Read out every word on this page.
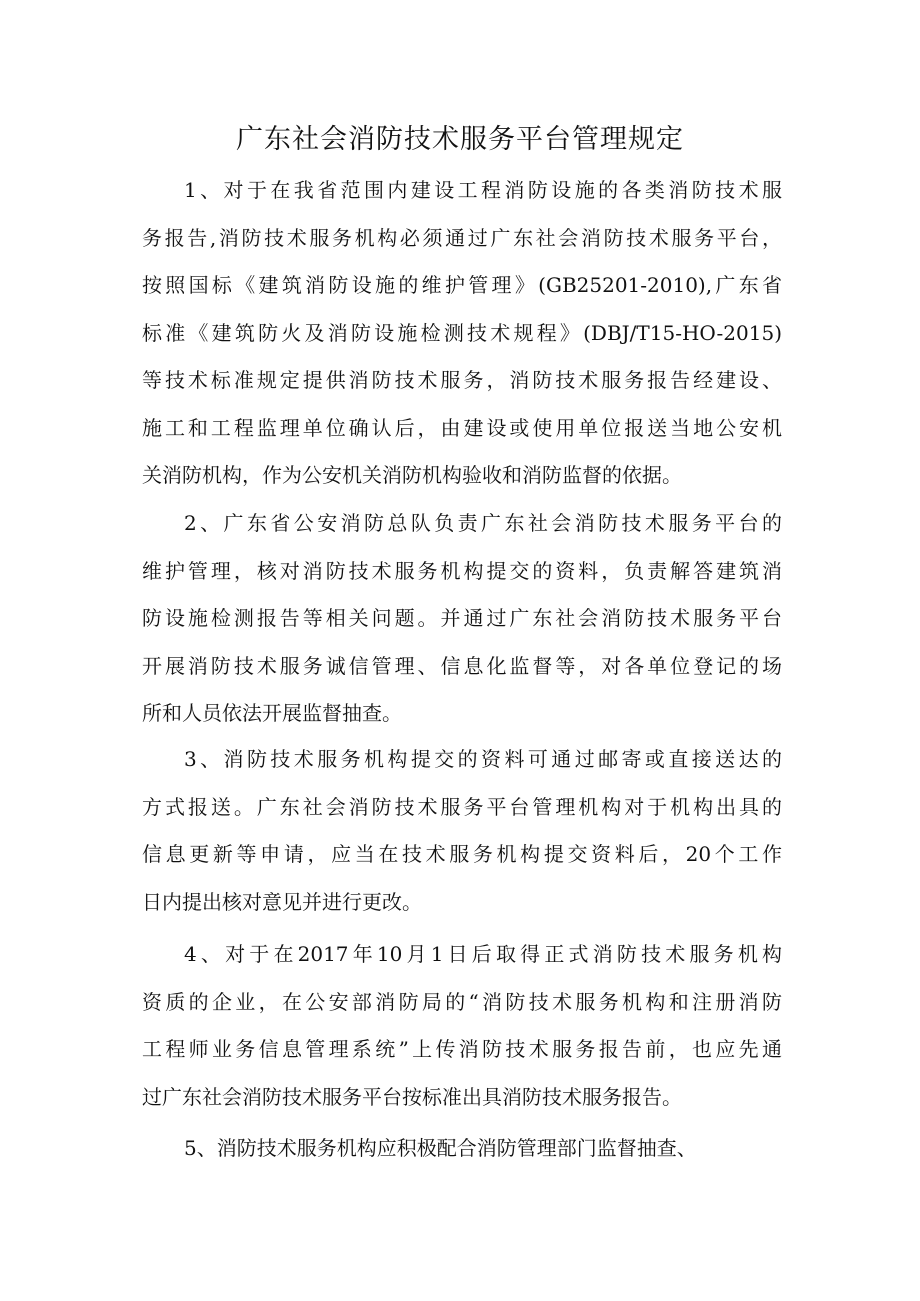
广东社会消防技术服务平台管理规定
1、对于在我省范围内建设工程消防设施的各类消防技术服
务报告,消防技术服务机构必须通过广东社会消防技术服务平台，
按照国标《建筑消防设施的维护管理》(GB25201-2010),广东省
标准《建筑防火及消防设施检测技术规程》(DBJ/T15-HO-2015)
等技术标准规定提供消防技术服务，消防技术服务报告经建设、
施工和工程监理单位确认后，由建设或使用单位报送当地公安机
关消防机构，作为公安机关消防机构验收和消防监督的依据。
2、广东省公安消防总队负责广东社会消防技术服务平台的
维护管理，核对消防技术服务机构提交的资料，负责解答建筑消
防设施检测报告等相关问题。并通过广东社会消防技术服务平台
开展消防技术服务诚信管理、信息化监督等，对各单位登记的场
所和人员依法开展监督抽查。
3、消防技术服务机构提交的资料可通过邮寄或直接送达的
方式报送。广东社会消防技术服务平台管理机构对于机构出具的
信息更新等申请，应当在技术服务机构提交资料后，20个工作
日内提出核对意见并进行更改。
4、对于在2017年10月1日后取得正式消防技术服务机构
资质的企业，在公安部消防局的“消防技术服务机构和注册消防
工程师业务信息管理系统”上传消防技术服务报告前，也应先通
过广东社会消防技术服务平台按标准出具消防技术服务报告。
5、消防技术服务机构应积极配合消防管理部门监督抽查、
